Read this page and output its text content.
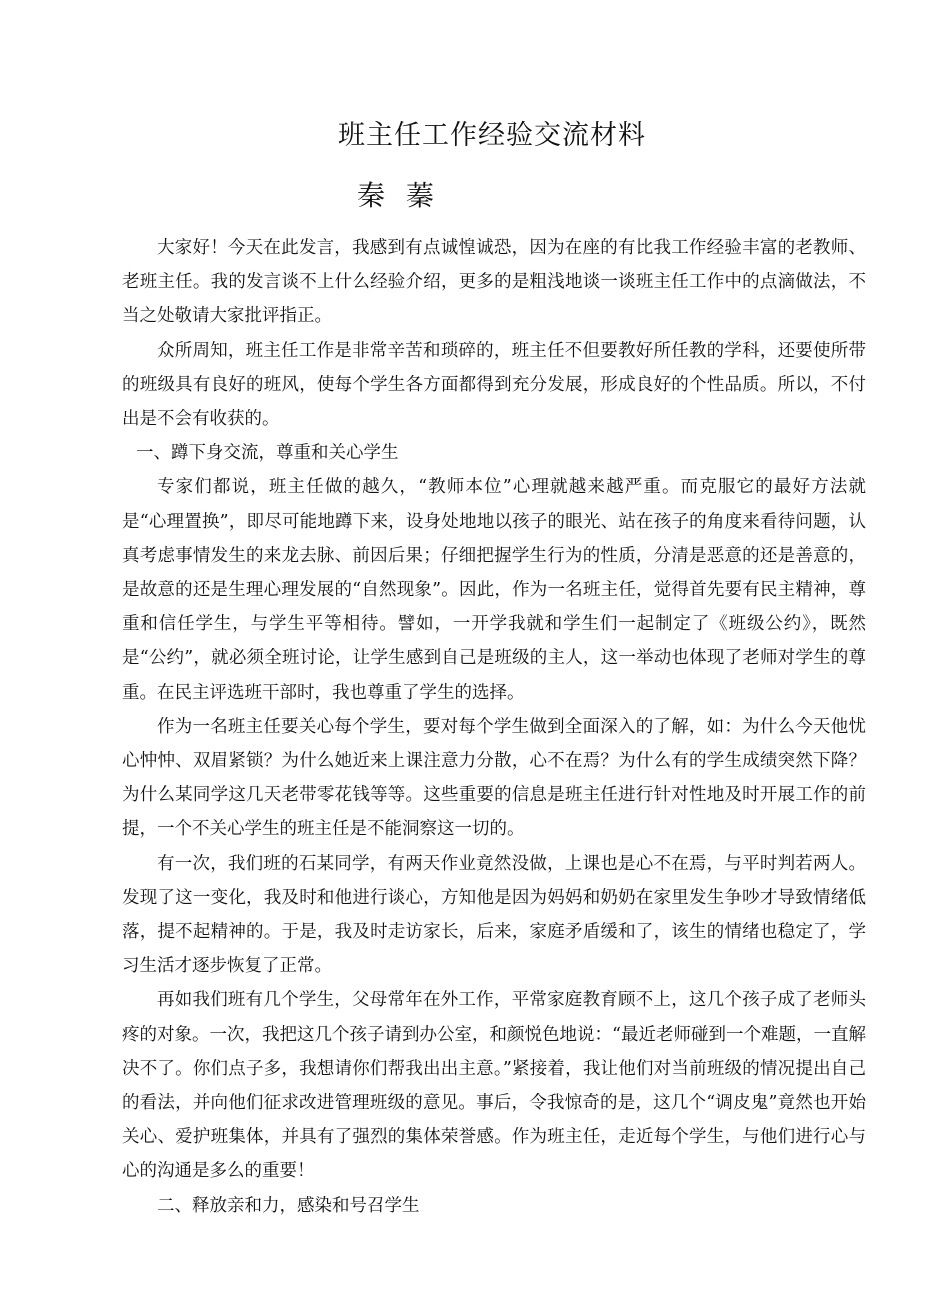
班主任工作经验交流材料
秦 蓁

大家好！今天在此发言，我感到有点诚惶诚恐，因为在座的有比我工作经验丰富的老教师、老班主任。我的发言谈不上什么经验介绍，更多的是粗浅地谈一谈班主任工作中的点滴做法，不当之处敬请大家批评指正。

众所周知，班主任工作是非常辛苦和琐碎的，班主任不但要教好所任教的学科，还要使所带的班级具有良好的班风，使每个学生各方面都得到充分发展，形成良好的个性品质。所以，不付出是不会有收获的。

一、蹲下身交流，尊重和关心学生

专家们都说，班主任做的越久，“教师本位”心理就越来越严重。而克服它的最好方法就是“心理置换”，即尽可能地蹲下来，设身处地地以孩子的眼光、站在孩子的角度来看待问题，认真考虑事情发生的来龙去脉、前因后果；仔细把握学生行为的性质，分清是恶意的还是善意的，是故意的还是生理心理发展的“自然现象”。因此，作为一名班主任，觉得首先要有民主精神，尊重和信任学生，与学生平等相待。譬如，一开学我就和学生们一起制定了《班级公约》，既然是“公约”，就必须全班讨论，让学生感到自己是班级的主人，这一举动也体现了老师对学生的尊重。在民主评选班干部时，我也尊重了学生的选择。

作为一名班主任要关心每个学生，要对每个学生做到全面深入的了解，如：为什么今天他忧心忡忡、双眉紧锁？为什么她近来上课注意力分散，心不在焉？为什么有的学生成绩突然下降？为什么某同学这几天老带零花钱等等。这些重要的信息是班主任进行针对性地及时开展工作的前提，一个不关心学生的班主任是不能洞察这一切的。

有一次，我们班的石某同学，有两天作业竟然没做，上课也是心不在焉，与平时判若两人。发现了这一变化，我及时和他进行谈心，方知他是因为妈妈和奶奶在家里发生争吵才导致情绪低落，提不起精神的。于是，我及时走访家长，后来，家庭矛盾缓和了，该生的情绪也稳定了，学习生活才逐步恢复了正常。

再如我们班有几个学生，父母常年在外工作，平常家庭教育顾不上，这几个孩子成了老师头疼的对象。一次，我把这几个孩子请到办公室，和颜悦色地说：“最近老师碰到一个难题，一直解决不了。你们点子多，我想请你们帮我出出主意。”紧接着，我让他们对当前班级的情况提出自己的看法，并向他们征求改进管理班级的意见。事后，令我惊奇的是，这几个“调皮鬼”竟然也开始关心、爱护班集体，并具有了强烈的集体荣誉感。作为班主任，走近每个学生，与他们进行心与心的沟通是多么的重要！

二、释放亲和力，感染和号召学生
